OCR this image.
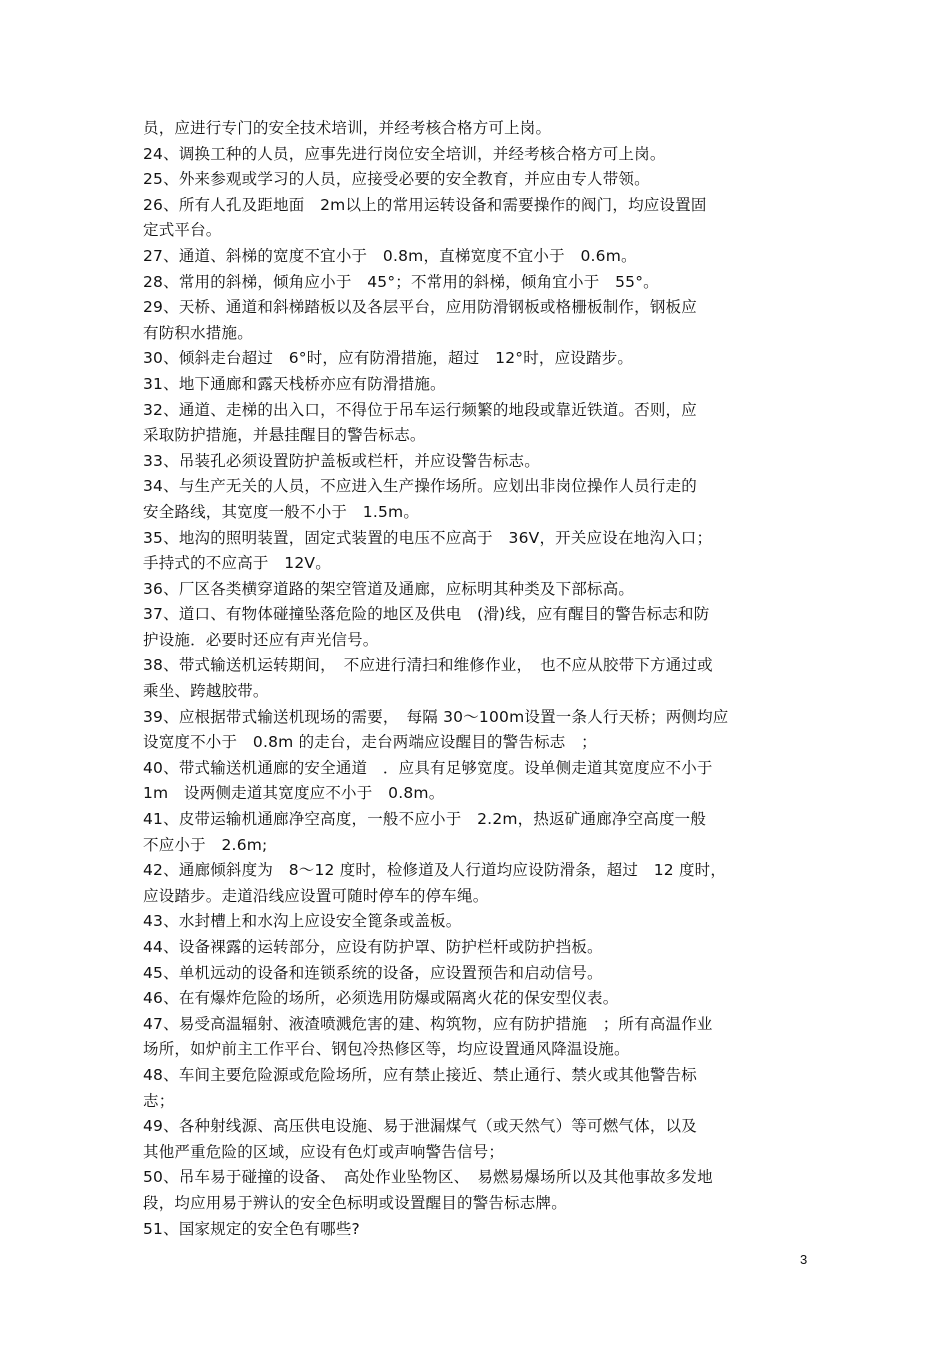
员，应进行专门的安全技术培训，并经考核合格方可上岗。
24、调换工种的人员，应事先进行岗位安全培训，并经考核合格方可上岗。
25、外来参观或学习的人员，应接受必要的安全教育，并应由专人带领。
26、所有人孔及距地面　2m以上的常用运转设备和需要操作的阀门，均应设置固
定式平台。
27、通道、斜梯的宽度不宜小于　0.8m，直梯宽度不宜小于　0.6m。
28、常用的斜梯，倾角应小于　45°；不常用的斜梯，倾角宜小于　55°。
29、天桥、通道和斜梯踏板以及各层平台，应用防滑钢板或格栅板制作，钢板应
有防积水措施。
30、倾斜走台超过　6°时，应有防滑措施，超过　12°时，应设踏步。
31、地下通廊和露天栈桥亦应有防滑措施。
32、通道、走梯的出入口，不得位于吊车运行频繁的地段或靠近铁道。否则，应
采取防护措施，并悬挂醒目的警告标志。
33、吊装孔必须设置防护盖板或栏杆，并应设警告标志。
34、与生产无关的人员，不应进入生产操作场所。应划出非岗位操作人员行走的
安全路线，其宽度一般不小于　1.5m。
35、地沟的照明装置，固定式装置的电压不应高于　36V，开关应设在地沟入口；
手持式的不应高于　12V。
36、厂区各类横穿道路的架空管道及通廊，应标明其种类及下部标高。
37、道口、有物体碰撞坠落危险的地区及供电　(滑)线，应有醒目的警告标志和防
护设施．必要时还应有声光信号。
38、带式输送机运转期间，　不应进行清扫和维修作业，　也不应从胶带下方通过或
乘坐、跨越胶带。
39、应根据带式输送机现场的需要，　每隔 30～100m设置一条人行天桥；两侧均应
设宽度不小于　0.8m 的走台，走台两端应设醒目的警告标志　；
40、带式输送机通廊的安全通道　．应具有足够宽度。设单侧走道其宽度应不小于
1m　设两侧走道其宽度应不小于　0.8m。
41、皮带运输机通廊净空高度，一般不应小于　2.2m，热返矿通廊净空高度一般
不应小于　2.6m;
42、通廊倾斜度为　8～12 度时，检修道及人行道均应设防滑条，超过　12 度时，
应设踏步。走道沿线应设置可随时停车的停车绳。
43、水封槽上和水沟上应设安全篦条或盖板。
44、设备裸露的运转部分，应设有防护罩、防护栏杆或防护挡板。
45、单机远动的设备和连锁系统的设备，应设置预告和启动信号。
46、在有爆炸危险的场所，必须选用防爆或隔离火花的保安型仪表。
47、易受高温辐射、液渣喷溅危害的建、构筑物，应有防护措施　；所有高温作业
场所，如炉前主工作平台、钢包冷热修区等，均应设置通风降温设施。
48、车间主要危险源或危险场所，应有禁止接近、禁止通行、禁火或其他警告标
志；
49、各种射线源、高压供电设施、易于泄漏煤气（或天然气）等可燃气体，以及
其他严重危险的区域，应设有色灯或声响警告信号；
50、吊车易于碰撞的设备、　高处作业坠物区、　易燃易爆场所以及其他事故多发地
段，均应用易于辨认的安全色标明或设置醒目的警告标志牌。
51、国家规定的安全色有哪些?
3
